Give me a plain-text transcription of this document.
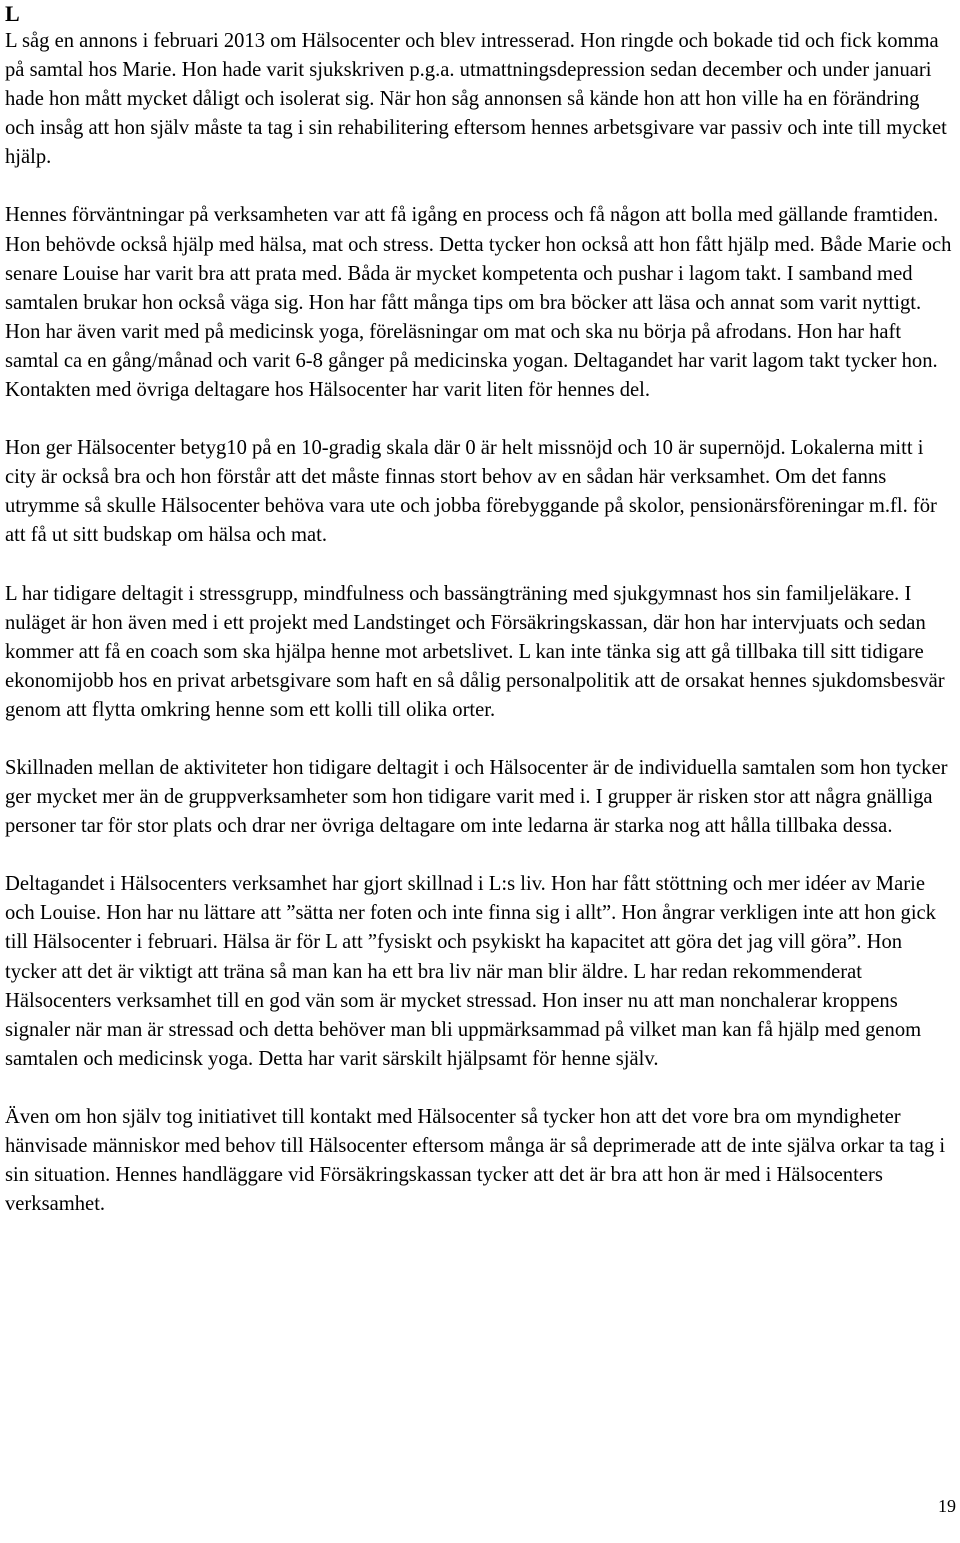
L

L såg en annons i februari 2013 om Hälsocenter och blev intresserad. Hon ringde och bokade tid och fick komma på samtal hos Marie. Hon hade varit sjukskriven p.g.a. utmattningsdepression sedan december och under januari hade hon mått mycket dåligt och isolerat sig. När hon såg annonsen så kände hon att hon ville ha en förändring och insåg att hon själv måste ta tag i sin rehabilitering eftersom hennes arbetsgivare var passiv och inte till mycket hjälp.

Hennes förväntningar på verksamheten var att få igång en process och få någon att bolla med gällande framtiden. Hon behövde också hjälp med hälsa, mat och stress. Detta tycker hon också att hon fått hjälp med. Både Marie och senare Louise har varit bra att prata med. Båda är mycket kompetenta och pushar i lagom takt. I samband med samtalen brukar hon också väga sig. Hon har fått många tips om bra böcker att läsa och annat som varit nyttigt. Hon har även varit med på medicinsk yoga, föreläsningar om mat och ska nu börja på afrodans. Hon har haft samtal ca en gång/månad och varit 6-8 gånger på medicinska yogan. Deltagandet har varit lagom takt tycker hon. Kontakten med övriga deltagare hos Hälsocenter har varit liten för hennes del.

Hon ger Hälsocenter betyg10 på en 10-gradig skala där 0 är helt missnöjd och 10 är supernöjd. Lokalerna mitt i city är också bra och hon förstår att det måste finnas stort behov av en sådan här verksamhet. Om det fanns utrymme så skulle Hälsocenter behöva vara ute och jobba förebyggande på skolor, pensionärsföreningar m.fl. för att få ut sitt budskap om hälsa och mat.

L har tidigare deltagit i stressgrupp, mindfulness och bassängträning med sjukgymnast hos sin familjeläkare. I nuläget är hon även med i ett projekt med Landstinget och Försäkringskassan, där hon har intervjuats och sedan kommer att få en coach som ska hjälpa henne mot arbetslivet. L kan inte tänka sig att gå tillbaka till sitt tidigare ekonomijobb hos en privat arbetsgivare som haft en så dålig personalpolitik att de orsakat hennes sjukdomsbesvär genom att flytta omkring henne som ett kolli till olika orter.

Skillnaden mellan de aktiviteter hon tidigare deltagit i och Hälsocenter är de individuella samtalen som hon tycker ger mycket mer än de gruppverksamheter som hon tidigare varit med i. I grupper är risken stor att några gnälliga personer tar för stor plats och drar ner övriga deltagare om inte ledarna är starka nog att hålla tillbaka dessa.

Deltagandet i Hälsocenters verksamhet har gjort skillnad i L:s liv. Hon har fått stöttning och mer idéer av Marie och Louise. Hon har nu lättare att ”sätta ner foten och inte finna sig i allt”. Hon ångrar verkligen inte att hon gick till Hälsocenter i februari. Hälsa är för L att ”fysiskt och psykiskt ha kapacitet att göra det jag vill göra”. Hon tycker att det är viktigt att träna så man kan ha ett bra liv när man blir äldre. L har redan rekommenderat Hälsocenters verksamhet till en god vän som är mycket stressad. Hon inser nu att man nonchalerar kroppens signaler när man är stressad och detta behöver man bli uppmärksammad på vilket man kan få hjälp med genom samtalen och medicinsk yoga. Detta har varit särskilt hjälpsamt för henne själv.

Även om hon själv tog initiativet till kontakt med Hälsocenter så tycker hon att det vore bra om myndigheter hänvisade människor med behov till Hälsocenter eftersom många är så deprimerade att de inte själva orkar ta tag i sin situation. Hennes handläggare vid Försäkringskassan tycker att det är bra att hon är med i Hälsocenters verksamhet.

19
